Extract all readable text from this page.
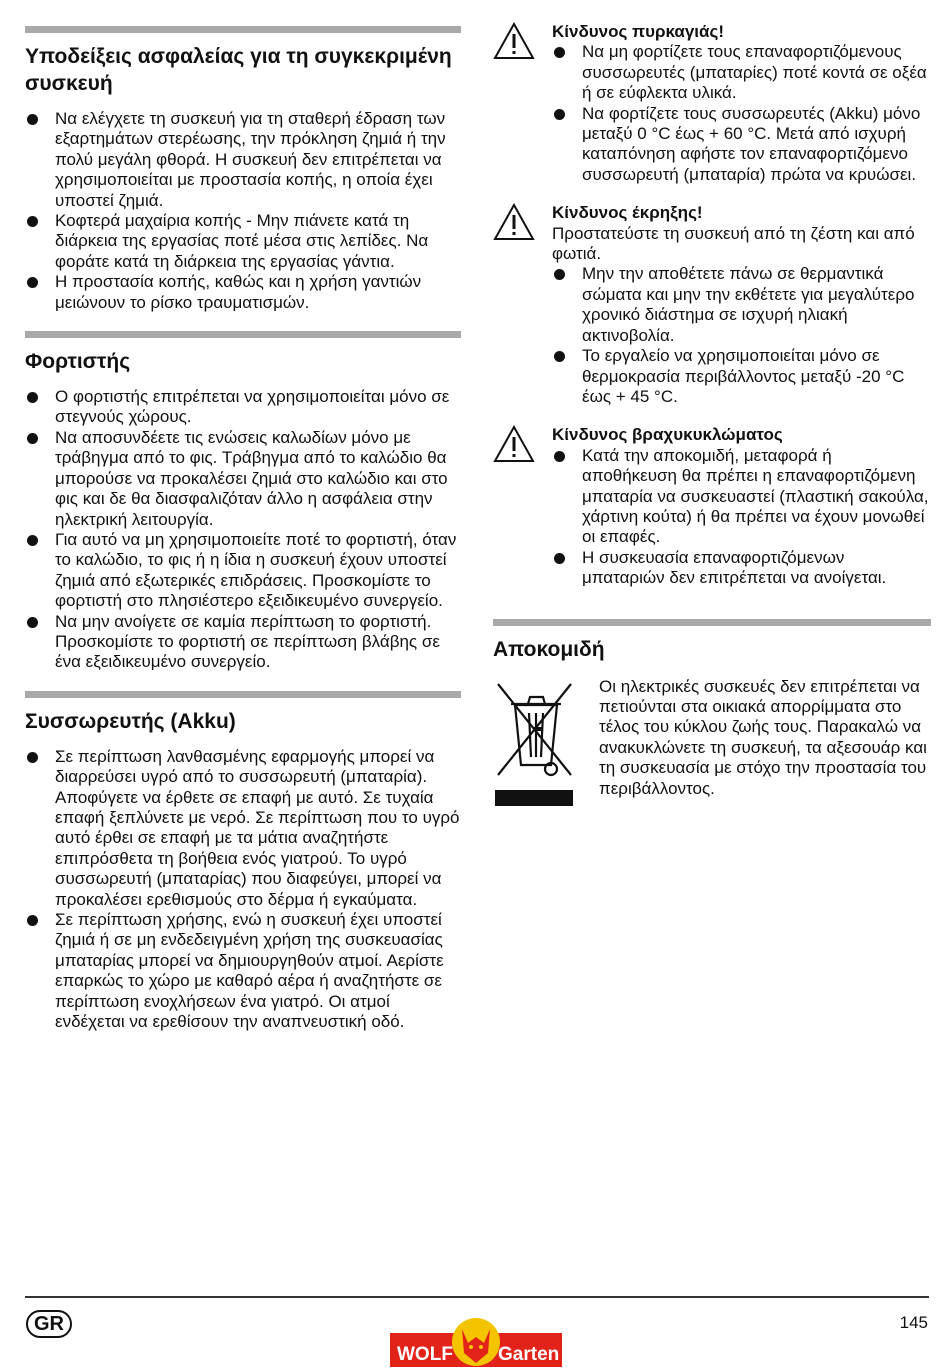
Υποδείξεις ασφαλείας για τη συγκεκριμένη συσκευή
Να ελέγχετε τη συσκευή για τη σταθερή έδραση των εξαρτημάτων στερέωσης, την πρόκληση ζημιά ή την πολύ μεγάλη φθορά. Η συσκευή δεν επιτρέπεται να χρησιμοποιείται με προστασία κοπής, η οποία έχει υποστεί ζημιά.
Κοφτερά μαχαίρια κοπής - Μην πιάνετε κατά τη διάρκεια της εργασίας ποτέ μέσα στις λεπίδες. Να φοράτε κατά τη διάρκεια της εργασίας γάντια.
Η προστασία κοπής, καθώς και η χρήση γαντιών μειώνουν το ρίσκο τραυματισμών.
Φορτιστής
Ο φορτιστής επιτρέπεται να χρησιμοποιείται μόνο σε στεγνούς χώρους.
Να αποσυνδέετε τις ενώσεις καλωδίων μόνο με τράβηγμα από το φις. Τράβηγμα από το καλώδιο θα μπορούσε να προκαλέσει ζημιά στο καλώδιο και στο φις και δε θα διασφαλιζόταν άλλο η ασφάλεια στην ηλεκτρική λειτουργία.
Για αυτό να μη χρησιμοποιείτε ποτέ το φορτιστή, όταν το καλώδιο, το φις ή η ίδια η συσκευή έχουν υποστεί ζημιά από εξωτερικές επιδράσεις. Προσκομίστε το φορτιστή στο πλησιέστερο εξειδικευμένο συνεργείο.
Να μην ανοίγετε σε καμία περίπτωση το φορτιστή. Προσκομίστε το φορτιστή σε περίπτωση βλάβης σε ένα εξειδικευμένο συνεργείο.
Συσσωρευτής (Akku)
Σε περίπτωση λανθασμένης εφαρμογής μπορεί να διαρρεύσει υγρό από το συσσωρευτή (μπαταρία). Αποφύγετε να έρθετε σε επαφή με αυτό. Σε τυχαία επαφή ξεπλύνετε με νερό. Σε περίπτωση που το υγρό αυτό έρθει σε επαφή με τα μάτια αναζητήστε επιπρόσθετα τη βοήθεια ενός γιατρού. Το υγρό συσσωρευτή (μπαταρίας) που διαφεύγει, μπορεί να προκαλέσει ερεθισμούς στο δέρμα ή εγκαύματα.
Σε περίπτωση χρήσης, ενώ η συσκευή έχει υποστεί ζημιά ή σε μη ενδεδειγμένη χρήση της συσκευασίας μπαταρίας μπορεί να δημιουργηθούν ατμοί. Αερίστε επαρκώς το χώρο με καθαρό αέρα ή αναζητήστε σε περίπτωση ενοχλήσεων ένα γιατρό. Οι ατμοί ενδέχεται να ερεθίσουν την αναπνευστική οδό.
Κίνδυνος πυρκαγιάς!
Να μη φορτίζετε τους επαναφορτιζόμενους συσσωρευτές (μπαταρίες) ποτέ κοντά σε οξέα ή σε εύφλεκτα υλικά.
Να φορτίζετε τους συσσωρευτές (Akku) μόνο μεταξύ 0 °C έως + 60 °C. Μετά από ισχυρή καταπόνηση αφήστε τον επαναφορτιζόμενο συσσωρευτή (μπαταρία) πρώτα να κρυώσει.
Κίνδυνος έκρηξης!
Προστατεύστε τη συσκευή από τη ζέστη και από φωτιά.
Μην την αποθέτετε πάνω σε θερμαντικά σώματα και μην την εκθέτετε για μεγαλύτερο χρονικό διάστημα σε ισχυρή ηλιακή ακτινοβολία.
Το εργαλείο να χρησιμοποιείται μόνο σε θερμοκρασία περιβάλλοντος μεταξύ -20 °C έως + 45 °C.
Κίνδυνος βραχυκυκλώματος
Κατά την αποκομιδή, μεταφορά ή αποθήκευση θα πρέπει η επαναφορτιζόμενη μπαταρία να συσκευαστεί (πλαστική σακούλα, χάρτινη κούτα) ή θα πρέπει να έχουν μονωθεί οι επαφές.
Η συσκευασία επαναφορτιζόμενων μπαταριών δεν επιτρέπεται να ανοίγεται.
Αποκομιδή
Οι ηλεκτρικές συσκευές δεν επιτρέπεται να πετιούνται στα οικιακά απορρίμματα στο τέλος του κύκλου ζωής τους. Παρακαλώ να ανακυκλώνετε τη συσκευή, τα αξεσουάρ και τη συσκευασία με στόχο την προστασία του περιβάλλοντος.
GR	145
WOLF Garten
